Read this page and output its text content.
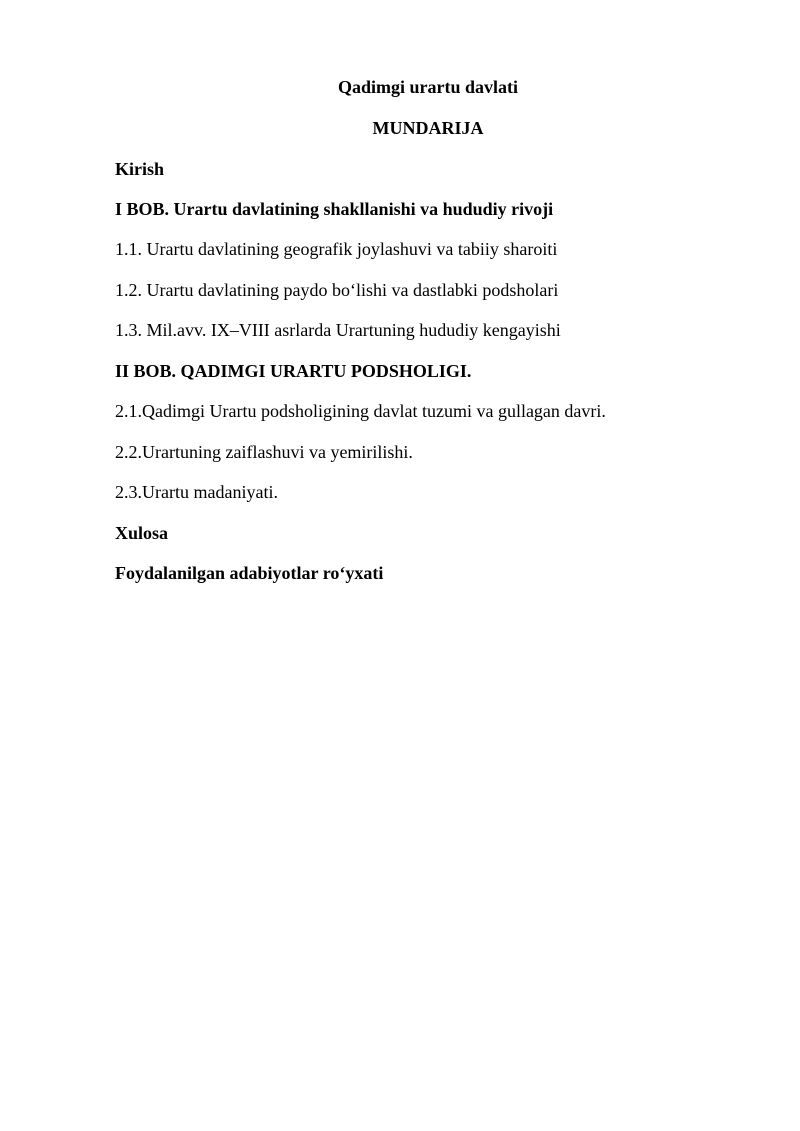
Qadimgi urartu davlati

MUNDARIJA

Kirish

I BOB. Urartu davlatining shakllanishi va hududiy rivoji

1.1. Urartu davlatining geografik joylashuvi va tabiiy sharoiti

1.2. Urartu davlatining paydo bo‘lishi va dastlabki podsholari

1.3. Mil.avv. IX–VIII asrlarda Urartuning hududiy kengayishi

II BOB. QADIMGI URARTU PODSHOLIGI.

2.1.Qadimgi Urartu podsholigining davlat tuzumi va gullagan davri.

2.2.Urartuning zaiflashuvi va yemirilishi.

2.3.Urartu madaniyati.

Xulosa

Foydalanilgan adabiyotlar ro‘yxati
